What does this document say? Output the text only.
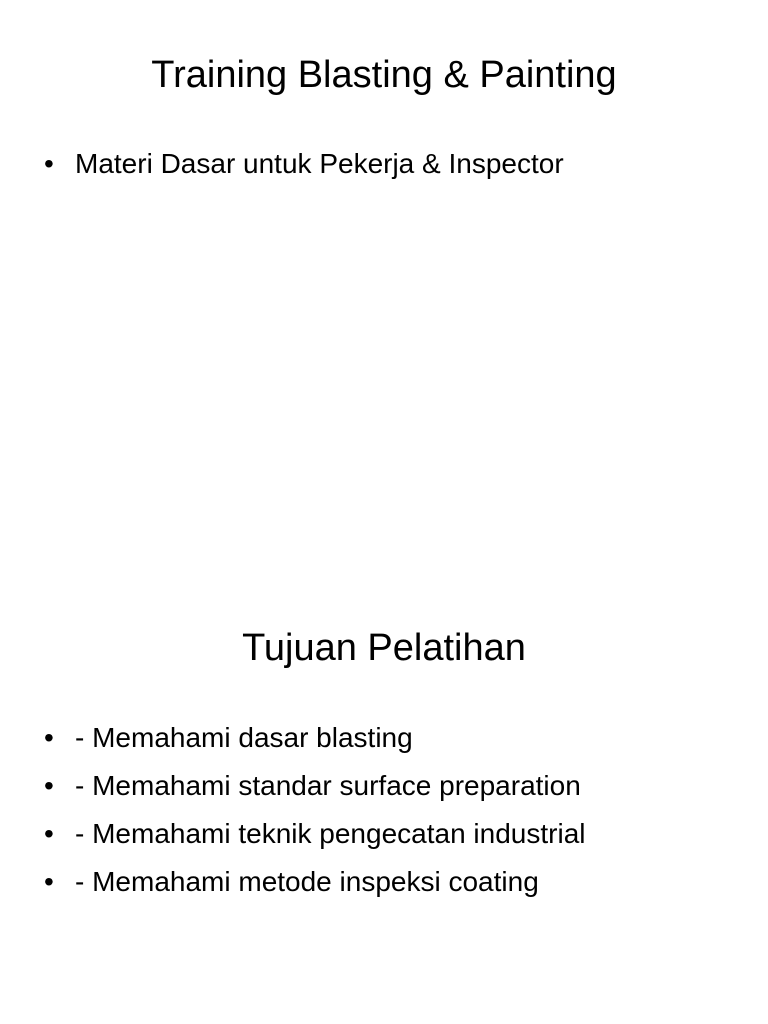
Training Blasting & Painting
• Materi Dasar untuk Pekerja & Inspector
Tujuan Pelatihan
• - Memahami dasar blasting
• - Memahami standar surface preparation
• - Memahami teknik pengecatan industrial
• - Memahami metode inspeksi coating
